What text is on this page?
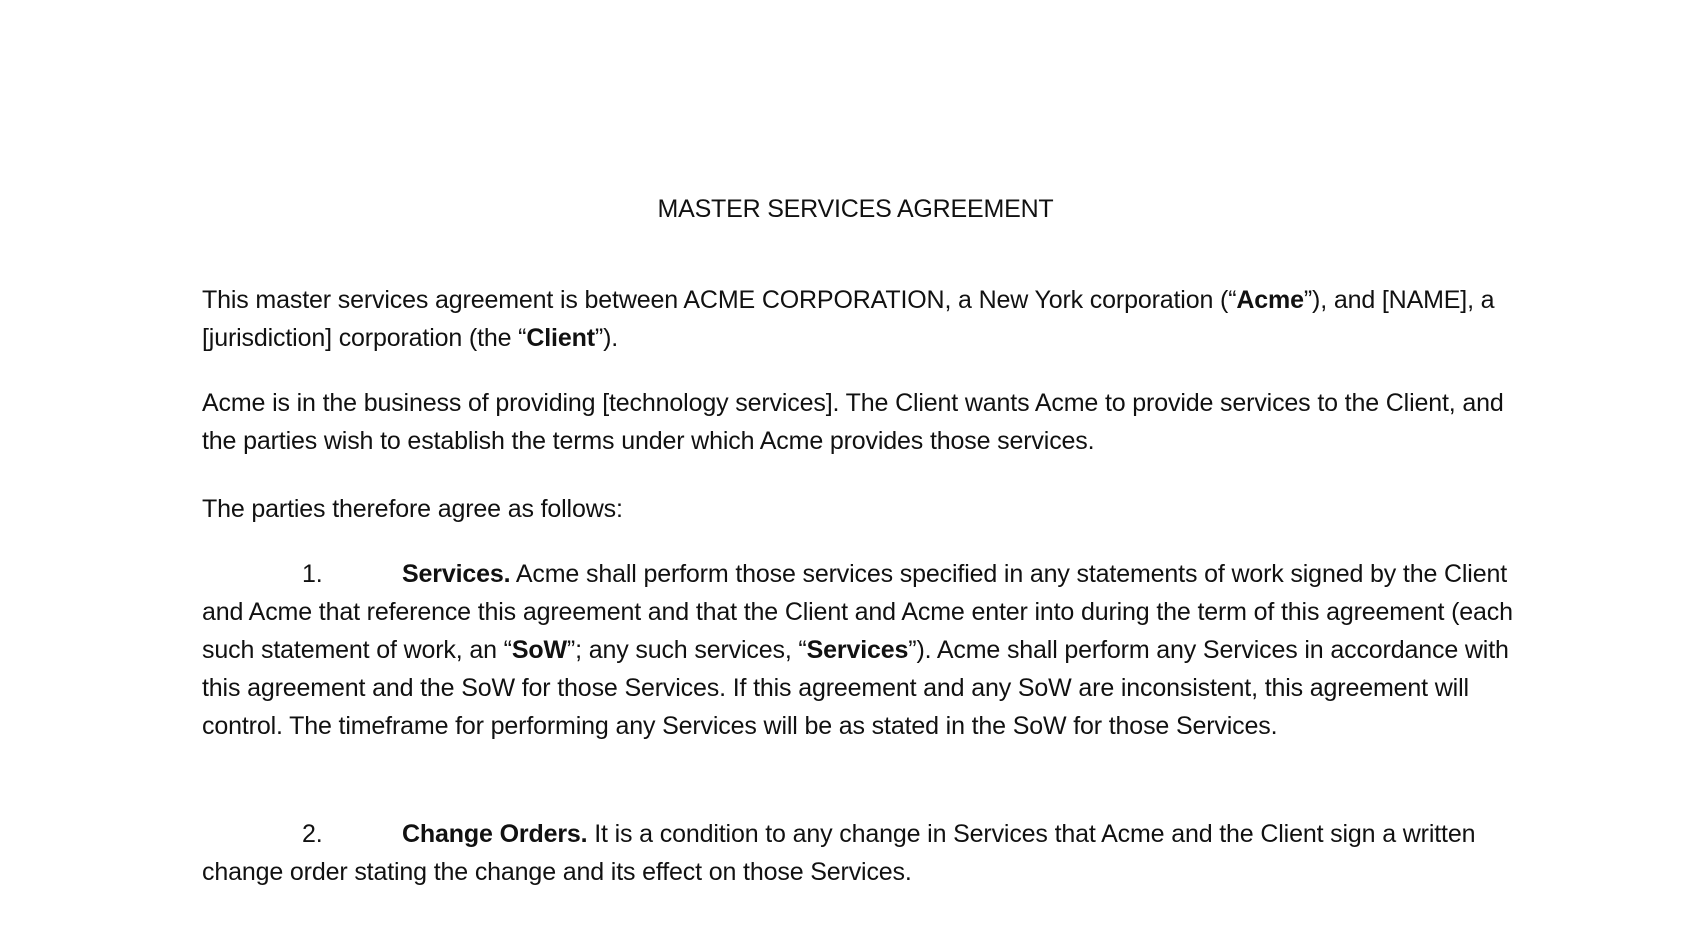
MASTER SERVICES AGREEMENT

This master services agreement is between ACME CORPORATION, a New York corporation (“Acme”), and [NAME], a [jurisdiction] corporation (the “Client”).

Acme is in the business of providing [technology services]. The Client wants Acme to provide services to the Client, and the parties wish to establish the terms under which Acme provides those services.

The parties therefore agree as follows:

1.	Services. Acme shall perform those services specified in any statements of work signed by the Client and Acme that reference this agreement and that the Client and Acme enter into during the term of this agreement (each such statement of work, an “SoW”; any such services, “Services”). Acme shall perform any Services in accordance with this agreement and the SoW for those Services. If this agreement and any SoW are inconsistent, this agreement will control. The timeframe for performing any Services will be as stated in the SoW for those Services.

2.	Change Orders. It is a condition to any change in Services that Acme and the Client sign a written change order stating the change and its effect on those Services.
